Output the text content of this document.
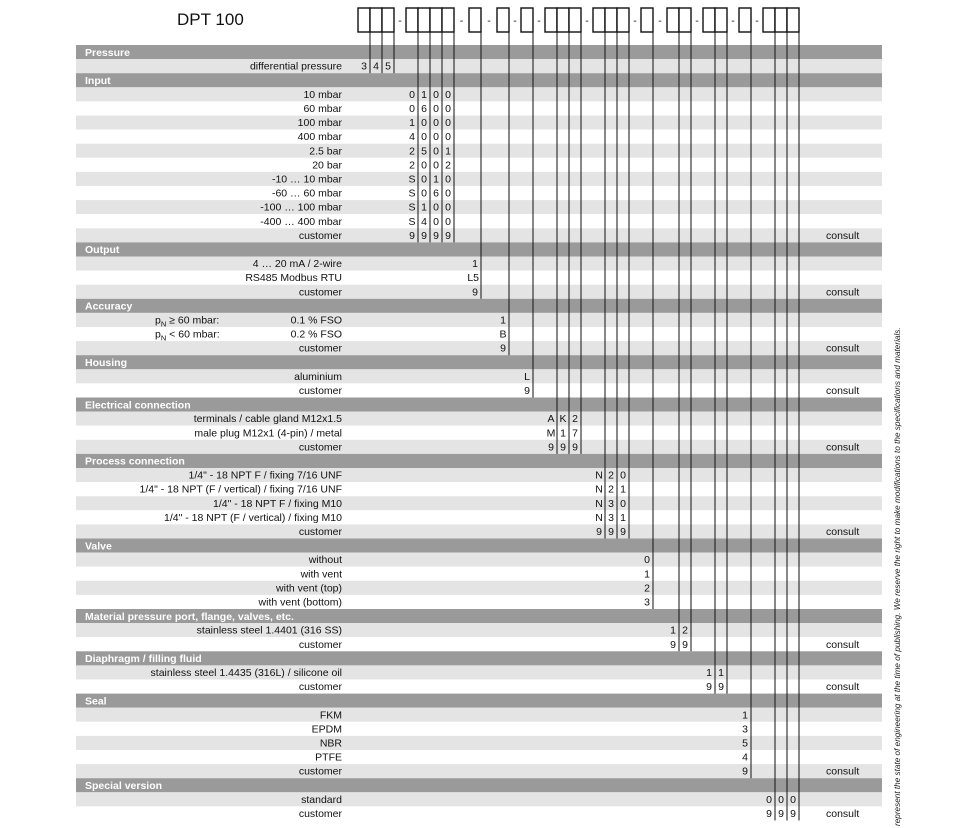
DPT 100	-	- - - -	-	- -	-	- -
Pressure
differential pressure 3 4 5
Input
10 mbar	0 1 0 0
60 mbar	0 6 0 0
100 mbar	1 0 0 0
400 mbar	4 0 0 0
2.5 bar	2 5 0 1
20 bar	2 0 0 2
-10 … 10 mbar	S 0 1 0
-60 … 60 mbar	S 0 6 0
-100 … 100 mbar	S 1 0 0
-400 … 400 mbar	S 4 0 0
customer	9 9 9 9	consult
Output
4 … 20 mA / 2-wire	1
RS485 Modbus RTU	L5
customer	9	consult
Accuracy
$p_N \ge 60$ mbar:	0.1 % FSO	1
$p_N < 60$ mbar:	0.2 % FSO	B
customer	9	consult
Housing
aluminium	L
customer	9	consult
Electrical connection
terminals / cable gland M12x1.5	A K 2
male plug M12x1 (4-pin) / metal	M 1 7
customer	9 9 9	consult
Process connection
1/4" - 18 NPT F / fixing 7/16 UNF	N 2 0
1/4" - 18 NPT (F / vertical) / fixing 7/16 UNF	N 2 1
1/4" - 18 NPT F / fixing M10	N 3 0
1/4" - 18 NPT (F / vertical) / fixing M10	N 3 1
customer	9 9 9	consult
Valve
without	0
with vent	1
with vent (top)	2
with vent (bottom)	3
Material pressure port, flange, valves, etc.
stainless steel 1.4401 (316 SS)	1 2
customer	9 9	consult
Diaphragm / filling fluid
stainless steel 1.4435 (316L) / silicone oil	1 1
customer	9 9	consult
Seal
FKM	1
EPDM	3
NBR	5
PTFE	4
customer	9	consult
Special version
standard	0 0 0
customer	9 9 9	consult	represent the state of engineering at the time of publishing. We reserve the right to make modifications to the specifications and materials.
